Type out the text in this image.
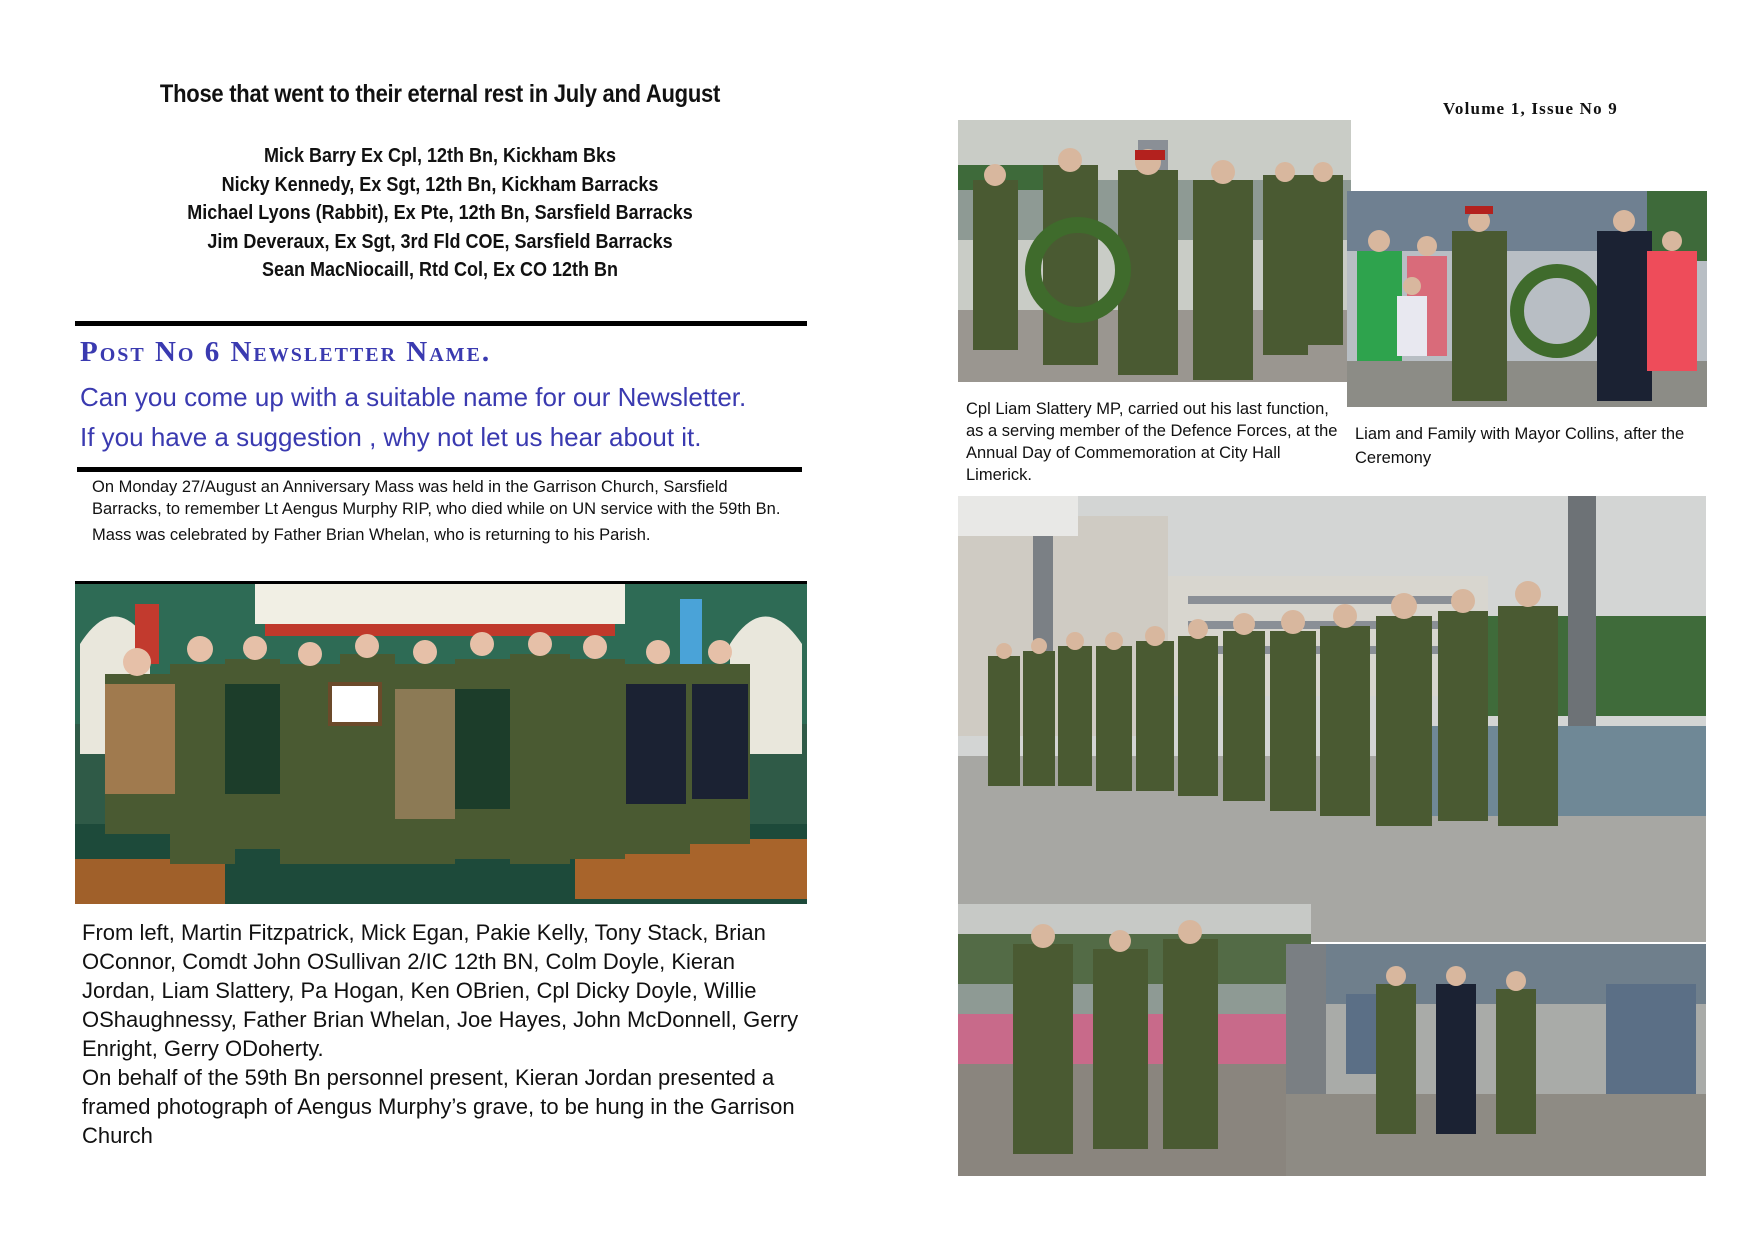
Those that went to their eternal rest in July and August
Mick Barry Ex Cpl, 12th Bn, Kickham Bks
Nicky Kennedy, Ex Sgt, 12th Bn, Kickham Barracks
Michael Lyons (Rabbit), Ex Pte, 12th Bn, Sarsfield Barracks
Jim Deveraux, Ex Sgt, 3rd Fld COE, Sarsfield Barracks
Sean MacNiocaill, Rtd Col, Ex CO 12th Bn
Post No 6 Newsletter Name.
Can you come up with a suitable name for our Newsletter.
If you have a suggestion , why not let us hear about it.

On Monday 27/August an Anniversary Mass was held in the Garrison Church, Sarsfield Barracks, to remember Lt Aengus Murphy RIP, who died while on UN service with the 59th Bn.

Mass was celebrated by Father Brian Whelan, who is returning to his Parish.

From left, Martin Fitzpatrick, Mick Egan, Pakie Kelly, Tony Stack, Brian OConnor, Comdt John OSullivan 2/IC 12th BN, Colm Doyle, Kieran Jordan, Liam Slattery, Pa Hogan, Ken OBrien, Cpl Dicky Doyle, Willie OShaughnessy, Father Brian Whelan, Joe Hayes, John McDonnell, Gerry Enright, Gerry ODoherty.

On behalf of the 59th Bn personnel present, Kieran Jordan presented a framed photograph of Aengus Murphy’s grave, to be hung in the Garrison Church

Volume 1, Issue No 9
Cpl Liam Slattery MP, carried out his last function, as a serving member of the Defence Forces, at the Annual Day of Commemoration at City Hall Limerick.
Liam and Family with Mayor Collins, after the Ceremony
